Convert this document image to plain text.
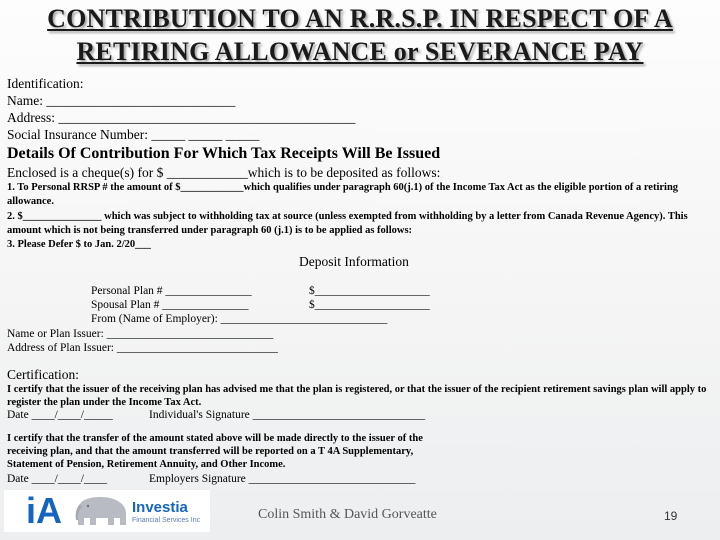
CONTRIBUTION TO AN R.R.S.P. IN RESPECT OF A
RETIRING ALLOWANCE or SEVERANCE PAY
Identification:
Name: ____________________________
Address: ____________________________________________
Social Insurance Number: _____ _____ _____
Details Of Contribution For Which Tax Receipts Will Be Issued
Enclosed is a cheque(s) for $ ____________which is to be deposited as follows:
1. To Personal RRSP # the amount of $____________which qualifies under paragraph 60(j.1) of the Income Tax Act as the eligible portion of a retiring allowance.
2. $_______________ which was subject to withholding tax at source (unless exempted from withholding by a letter from Canada Revenue Agency). This amount which is not being transferred under paragraph 60 (j.1) is to be applied as follows:
3. Please Defer $ to Jan. 2/20___
Deposit Information
Personal Plan # _______________	$____________________
Spousal Plan # _______________	$____________________
From (Name of Employer): _____________________________
Name or Plan Issuer: _____________________________
Address of Plan Issuer: ____________________________
Certification:
I certify that the issuer of the receiving plan has advised me that the plan is registered, or that the issuer of the recipient retirement savings plan will apply to register the plan under the Income Tax Act.
Date ____/____/_____	Individual's Signature ______________________________
I certify that the transfer of the amount stated above will be made directly to the issuer of the
receiving plan, and that the amount transferred will be reported on a T 4A Supplementary,
Statement of Pension, Retirement Annuity, and Other Income.
Date ____/____/____	Employers Signature _____________________________
iA	Investia
Financial Services Inc	Colin Smith & David Gorveatte	19
